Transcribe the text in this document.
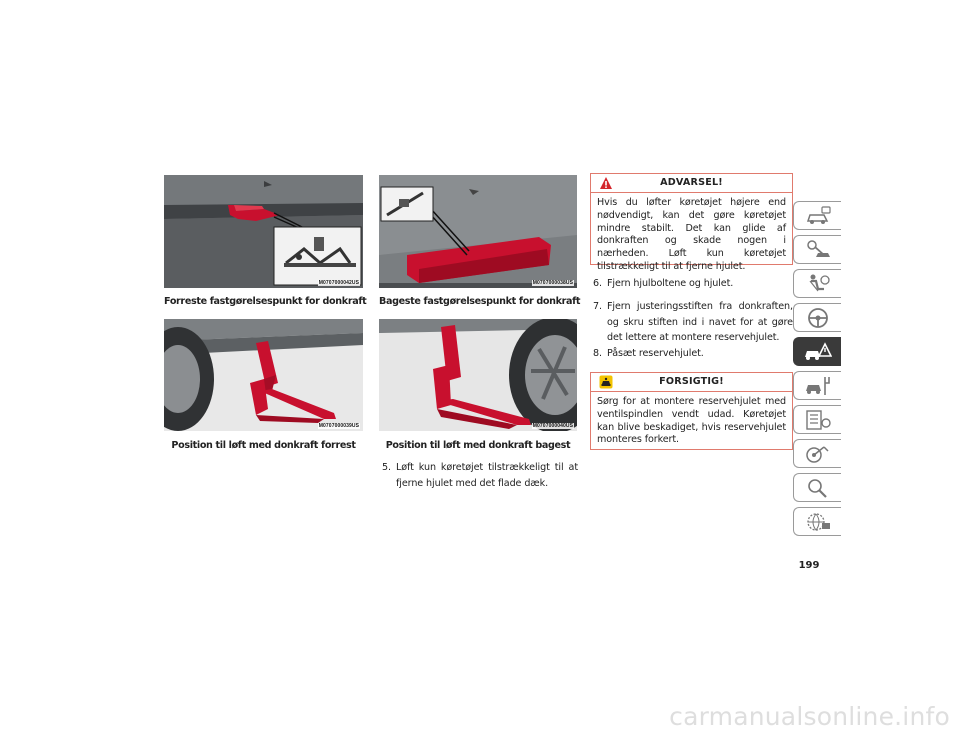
M0707000042US
Forreste fastgørelsespunkt for donkraft
M0707000038US
Bageste fastgørelsespunkt for donkraft
M0707000039US
Position til løft med donkraft forrest
M0707000040US
Position til løft med donkraft bagest
5. Løft kun køretøjet tilstrækkeligt til at fjerne hjulet med det flade dæk.
ADVARSEL!
Hvis du løfter køretøjet højere end nødvendigt, kan det gøre køretøjet mindre stabilt. Det kan glide af donkraften og skade nogen i nærheden. Løft kun køretøjet tilstrækkeligt til at fjerne hjulet.
6. Fjern hjulboltene og hjulet.
7. Fjern justeringsstiften fra donkraften, og skru stiften ind i navet for at gøre det lettere at montere reservehjulet.
8. Påsæt reservehjulet.
FORSIGTIG!
Sørg for at montere reservehjulet med ventilspindlen vendt udad. Køretøjet kan blive beskadiget, hvis reservehjulet monteres forkert.
199
carmanualsonline.info
